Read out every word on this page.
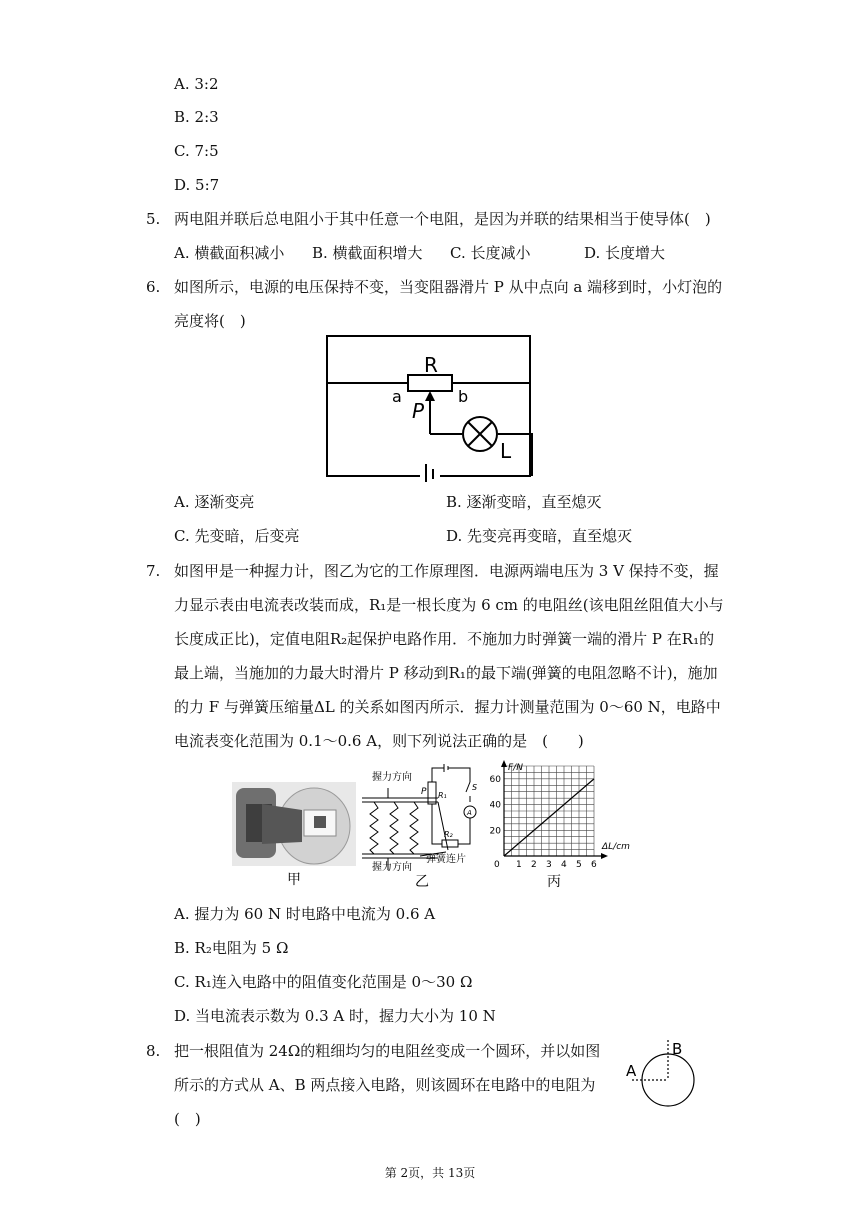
A. 3:2
B. 2:3
C. 7:5
D. 5:7
5. 两电阻并联后总电阻小于其中任意一个电阻，是因为并联的结果相当于使导体(　)
A. 横截面积减小 B. 横截面积增大 C. 长度减小	D. 长度增大
6. 如图所示，电源的电压保持不变，当变阻器滑片 P 从中点向 a 端移到时，小灯泡的
亮度将(　)
R
a	b
P
L
A. 逐渐变亮	B. 逐渐变暗，直至熄灭
C. 先变暗，后变亮	D. 先变亮再变暗，直至熄灭
7. 如图甲是一种握力计，图乙为它的工作原理图．电源两端电压为 3 V 保持不变，握
力显示表由电流表改装而成，R₁是一根长度为 6 cm 的电阻丝(该电阻丝阻值大小与
长度成正比)，定值电阻R₂起保护电路作用．不施加力时弹簧一端的滑片 P 在R₁的
最上端，当施加的力最大时滑片 P 移动到R₁的最下端(弹簧的电阻忽略不计)，施加
的力 F 与弹簧压缩量ΔL 的关系如图丙所示．握力计测量范围为 0～60 N，电路中
电流表变化范围为 0.1～0.6 A，则下列说法正确的是　(　　)
甲
握力方向
握力方向
弹簧连片
P R₁
S
A
R₂
乙
0 1 2 3 4 5 6
20
40
60
F/N
ΔL/cm
丙
A. 握力为 60 N 时电路中电流为 0.6 A
B. R₂电阻为 5 Ω
C. R₁连入电路中的阻值变化范围是 0～30 Ω
D. 当电流表示数为 0.3 A 时，握力大小为 10 N
8. 把一根阻值为 24Ω的粗细均匀的电阻丝变成一个圆环，并以如图
所示的方式从 A、B 两点接入电路，则该圆环在电路中的电阻为
(　)
B
A
第 2页，共 13页
